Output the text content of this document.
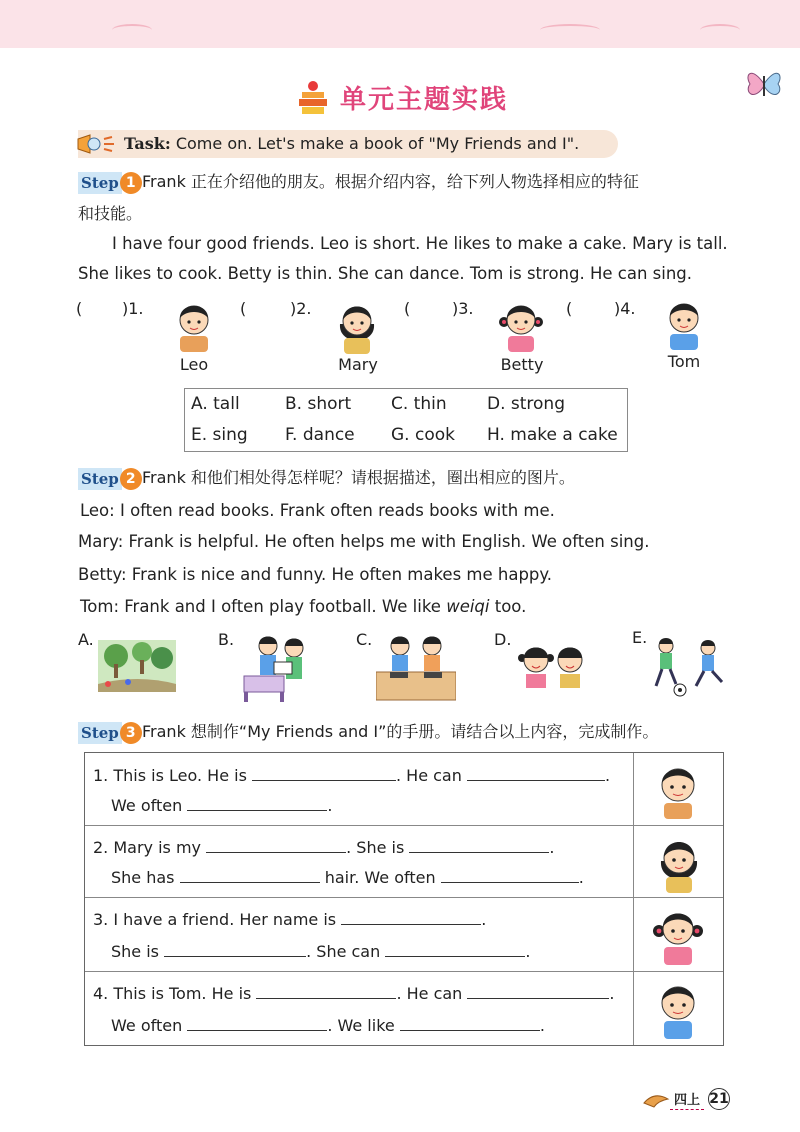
单元主题实践
Task: Come on. Let's make a book of "My Friends and I".
Step 1 Frank 正在介绍他的朋友。根据介绍内容，给下列人物选择相应的特征
和技能。
I have four good friends. Leo is short. He likes to make a cake. Mary is tall.
She likes to cook. Betty is thin. She can dance. Tom is strong. He can sing.
( )1.	(	)2.	(	)3.	(	)4.
Leo	Mary	Betty	Tom
A. tall	B. short C. thin D. strong
E. sing F. dance G. cook H. make a cake
Step 2 Frank 和他们相处得怎样呢？请根据描述，圈出相应的图片。
Leo: I often read books. Frank often reads books with me.
Mary: Frank is helpful. He often helps me with English. We often sing.
Betty: Frank is nice and funny. He often makes me happy.
Tom: Frank and I often play football. We like weiqi too.
A.	B.	C.	D.	E.
Step 3 Frank 想制作“My Friends and I”的手册。请结合以上内容，完成制作。
1. This is Leo. He is	. He can	.
We often	.
2. Mary is my	. She is	.
She has	hair. We often	.
3. I have a friend. Her name is	.
She is	. She can	.
4. This is Tom. He is	. He can	.
We often	. We like	.
四上 21
